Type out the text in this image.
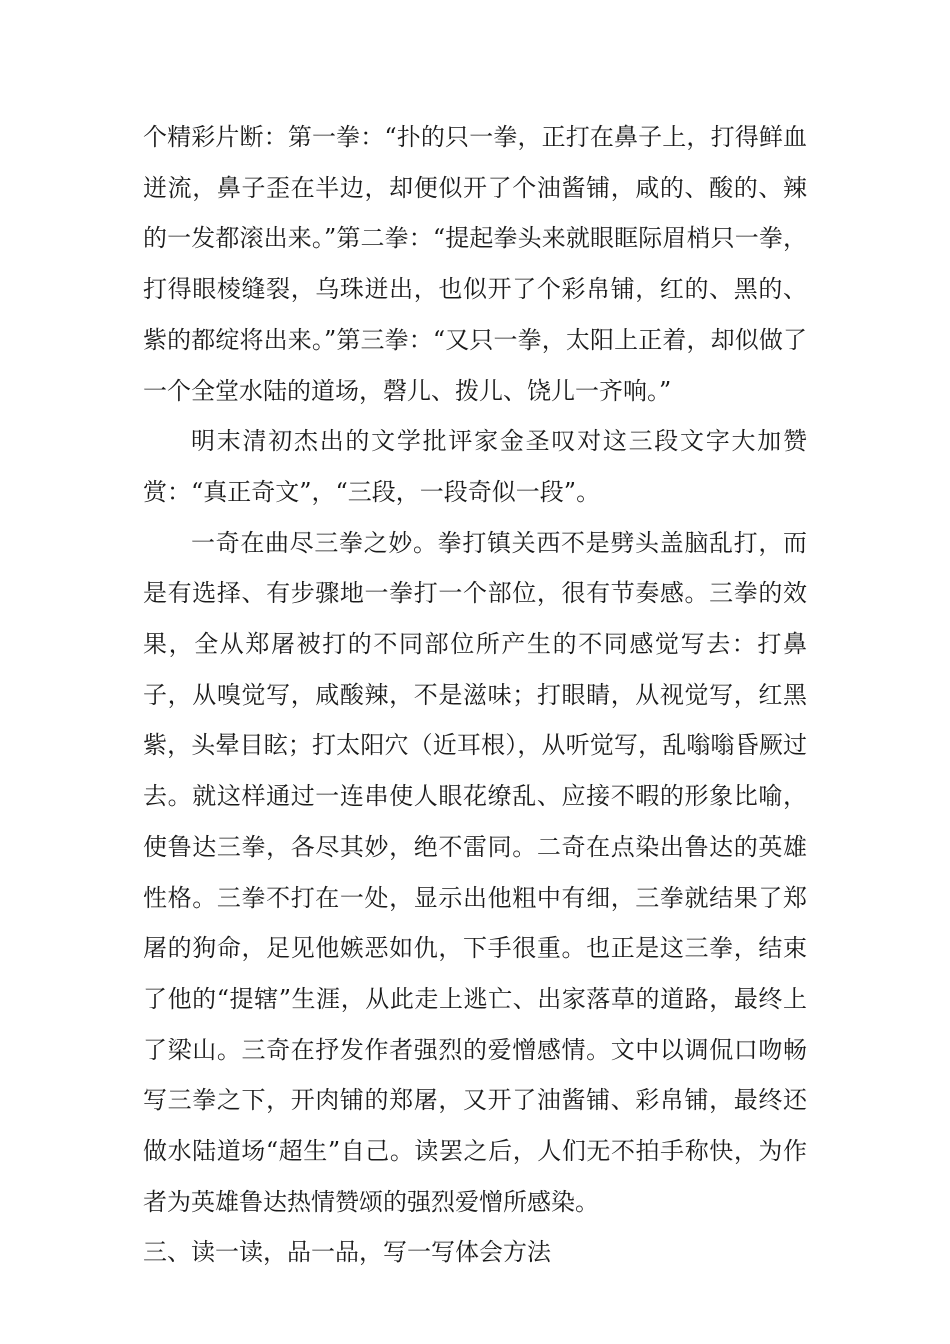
个精彩片断：第一拳：“扑的只一拳，正打在鼻子上，打得鲜血迸流，鼻子歪在半边，却便似开了个油酱铺，咸的、酸的、辣的一发都滚出来。”第二拳：“提起拳头来就眼眶际眉梢只一拳，打得眼棱缝裂，乌珠迸出，也似开了个彩帛铺，红的、黑的、紫的都绽将出来。”第三拳：“又只一拳，太阳上正着，却似做了一个全堂水陆的道场，磬儿、拨儿、饶儿一齐响。”

明末清初杰出的文学批评家金圣叹对这三段文字大加赞赏：“真正奇文”，“三段，一段奇似一段”。

一奇在曲尽三拳之妙。拳打镇关西不是劈头盖脑乱打，而是有选择、有步骤地一拳打一个部位，很有节奏感。三拳的效果，全从郑屠被打的不同部位所产生的不同感觉写去：打鼻子，从嗅觉写，咸酸辣，不是滋味；打眼睛，从视觉写，红黑紫，头晕目眩；打太阳穴（近耳根），从听觉写，乱嗡嗡昏厥过去。就这样通过一连串使人眼花缭乱、应接不暇的形象比喻，使鲁达三拳，各尽其妙，绝不雷同。二奇在点染出鲁达的英雄性格。三拳不打在一处，显示出他粗中有细，三拳就结果了郑屠的狗命，足见他嫉恶如仇，下手很重。也正是这三拳，结束了他的“提辖”生涯，从此走上逃亡、出家落草的道路，最终上了梁山。三奇在抒发作者强烈的爱憎感情。文中以调侃口吻畅写三拳之下，开肉铺的郑屠，又开了油酱铺、彩帛铺，最终还做水陆道场“超生”自己。读罢之后，人们无不拍手称快，为作者为英雄鲁达热情赞颂的强烈爱憎所感染。

三、读一读，品一品，写一写体会方法
